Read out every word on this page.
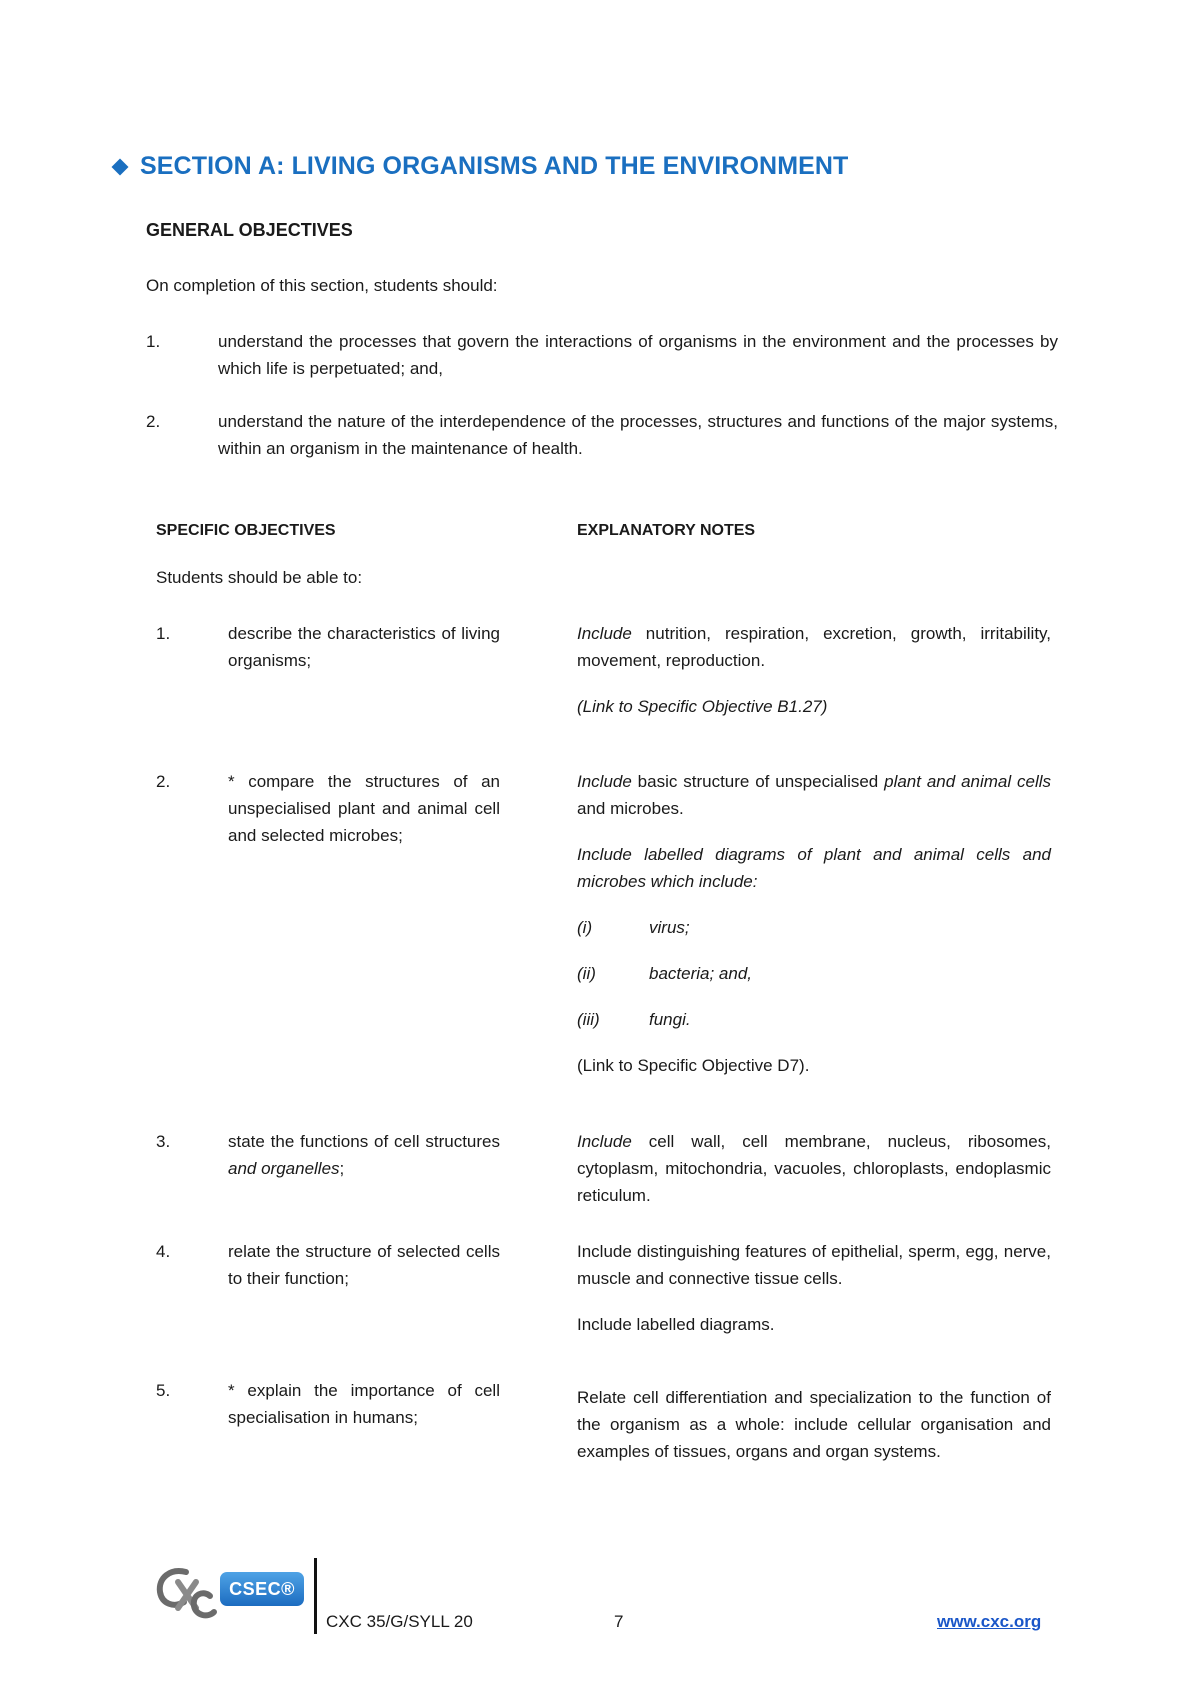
SECTION A: LIVING ORGANISMS AND THE ENVIRONMENT
GENERAL OBJECTIVES
On completion of this section, students should:
1.	understand the processes that govern the interactions of organisms in the environment and the processes by which life is perpetuated; and,
2.	understand the nature of the interdependence of the processes, structures and functions of the major systems, within an organism in the maintenance of health.
SPECIFIC OBJECTIVES	EXPLANATORY NOTES
Students should be able to:
1.	describe the characteristics of living organisms;

Include nutrition, respiration, excretion, growth, irritability, movement, reproduction.

(Link to Specific Objective B1.27)

2.	* compare the structures of an unspecialised plant and animal cell and selected microbes;

Include basic structure of unspecialised plant and animal cells and microbes.

Include labelled diagrams of plant and animal cells and microbes which include:

(i)	virus;
(ii)	bacteria; and,
(iii)	fungi.

(Link to Specific Objective D7).

3.	state the functions of cell structures and organelles;

Include cell wall, cell membrane, nucleus, ribosomes, cytoplasm, mitochondria, vacuoles, chloroplasts, endoplasmic reticulum.

4.	relate the structure of selected cells to their function;

Include distinguishing features of epithelial, sperm, egg, nerve, muscle and connective tissue cells.

Include labelled diagrams.

5.	* explain the importance of cell specialisation in humans;

Relate cell differentiation and specialization to the function of the organism as a whole: include cellular organisation and examples of tissues, organs and organ systems.

CSEC®
CXC 35/G/SYLL 20	7	www.cxc.org
